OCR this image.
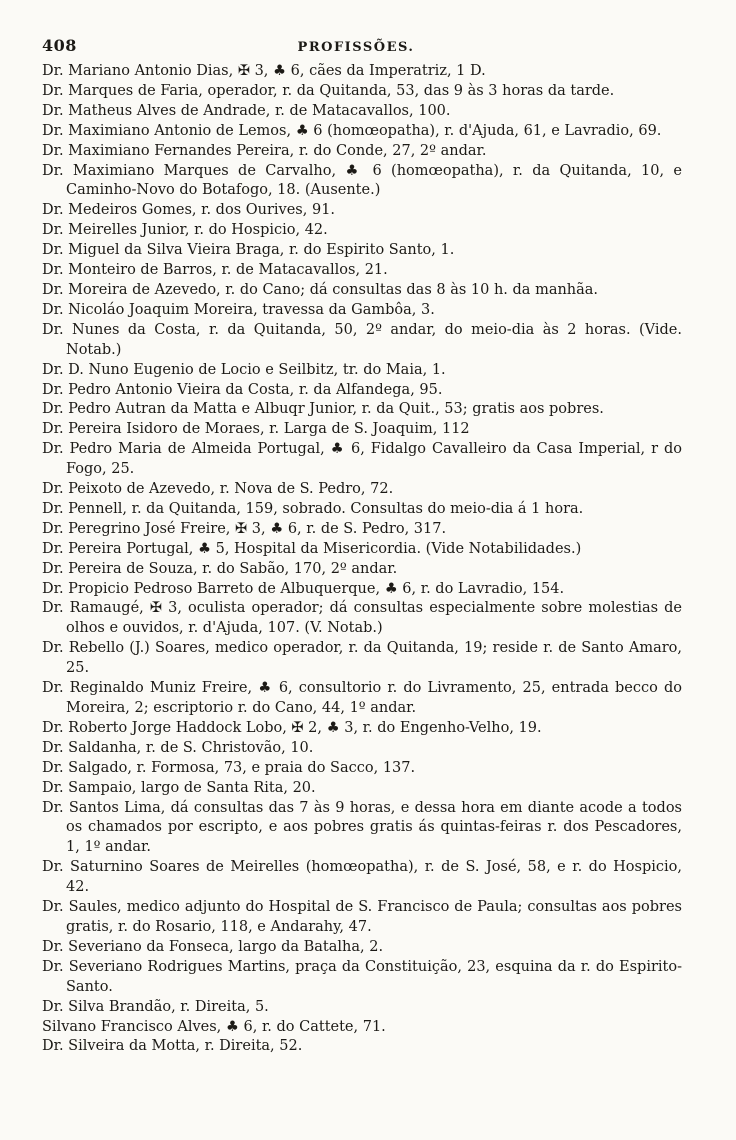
408	PROFISSÕES.
Dr. Mariano Antonio Dias, ✠ 3, ♣ 6, cães da Imperatriz, 1 D.
Dr. Marques de Faria, operador, r. da Quitanda, 53, das 9 às 3 horas da tarde.
Dr. Matheus Alves de Andrade, r. de Matacavallos, 100.
Dr. Maximiano Antonio de Lemos, ♣ 6 (homœopatha), r. d'Ajuda, 61, e Lavradio, 69.
Dr. Maximiano Fernandes Pereira, r. do Conde, 27, 2º andar.
Dr. Maximiano Marques de Carvalho, ♣ 6 (homœopatha), r. da Quitanda, 10, e Caminho-Novo do Botafogo, 18. (Ausente.)
Dr. Medeiros Gomes, r. dos Ourives, 91.
Dr. Meirelles Junior, r. do Hospicio, 42.
Dr. Miguel da Silva Vieira Braga, r. do Espirito Santo, 1.
Dr. Monteiro de Barros, r. de Matacavallos, 21.
Dr. Moreira de Azevedo, r. do Cano; dá consultas das 8 às 10 h. da manhãa.
Dr. Nicoláo Joaquim Moreira, travessa da Gambôa, 3.
Dr. Nunes da Costa, r. da Quitanda, 50, 2º andar, do meio-dia às 2 horas. (Vide. Notab.)
Dr. D. Nuno Eugenio de Locio e Seilbitz, tr. do Maia, 1.
Dr. Pedro Antonio Vieira da Costa, r. da Alfandega, 95.
Dr. Pedro Autran da Matta e Albuqr Junior, r. da Quit., 53; gratis aos pobres.
Dr. Pereira Isidoro de Moraes, r. Larga de S. Joaquim, 112
Dr. Pedro Maria de Almeida Portugal, ♣ 6, Fidalgo Cavalleiro da Casa Imperial, r do Fogo, 25.
Dr. Peixoto de Azevedo, r. Nova de S. Pedro, 72.
Dr. Pennell, r. da Quitanda, 159, sobrado. Consultas do meio-dia á 1 hora.
Dr. Peregrino José Freire, ✠ 3, ♣ 6, r. de S. Pedro, 317.
Dr. Pereira Portugal, ♣ 5, Hospital da Misericordia. (Vide Notabilidades.)
Dr. Pereira de Souza, r. do Sabão, 170, 2º andar.
Dr. Propicio Pedroso Barreto de Albuquerque, ♣ 6, r. do Lavradio, 154.
Dr. Ramaugé, ✠ 3, oculista operador; dá consultas especialmente sobre molestias de olhos e ouvidos, r. d'Ajuda, 107. (V. Notab.)
Dr. Rebello (J.) Soares, medico operador, r. da Quitanda, 19; reside r. de Santo Amaro, 25.
Dr. Reginaldo Muniz Freire, ♣ 6, consultorio r. do Livramento, 25, entrada becco do Moreira, 2; escriptorio r. do Cano, 44, 1º andar.
Dr. Roberto Jorge Haddock Lobo, ✠ 2, ♣ 3, r. do Engenho-Velho, 19.
Dr. Saldanha, r. de S. Christovão, 10.
Dr. Salgado, r. Formosa, 73, e praia do Sacco, 137.
Dr. Sampaio, largo de Santa Rita, 20.
Dr. Santos Lima, dá consultas das 7 às 9 horas, e dessa hora em diante acode a todos os chamados por escripto, e aos pobres gratis ás quintas-feiras r. dos Pescadores, 1, 1º andar.
Dr. Saturnino Soares de Meirelles (homœopatha), r. de S. José, 58, e r. do Hospicio, 42.
Dr. Saules, medico adjunto do Hospital de S. Francisco de Paula; consultas aos pobres gratis, r. do Rosario, 118, e Andarahy, 47.
Dr. Severiano da Fonseca, largo da Batalha, 2.
Dr. Severiano Rodrigues Martins, praça da Constituição, 23, esquina da r. do Espirito-Santo.
Dr. Silva Brandão, r. Direita, 5.
Silvano Francisco Alves, ♣ 6, r. do Cattete, 71.
Dr. Silveira da Motta, r. Direita, 52.
